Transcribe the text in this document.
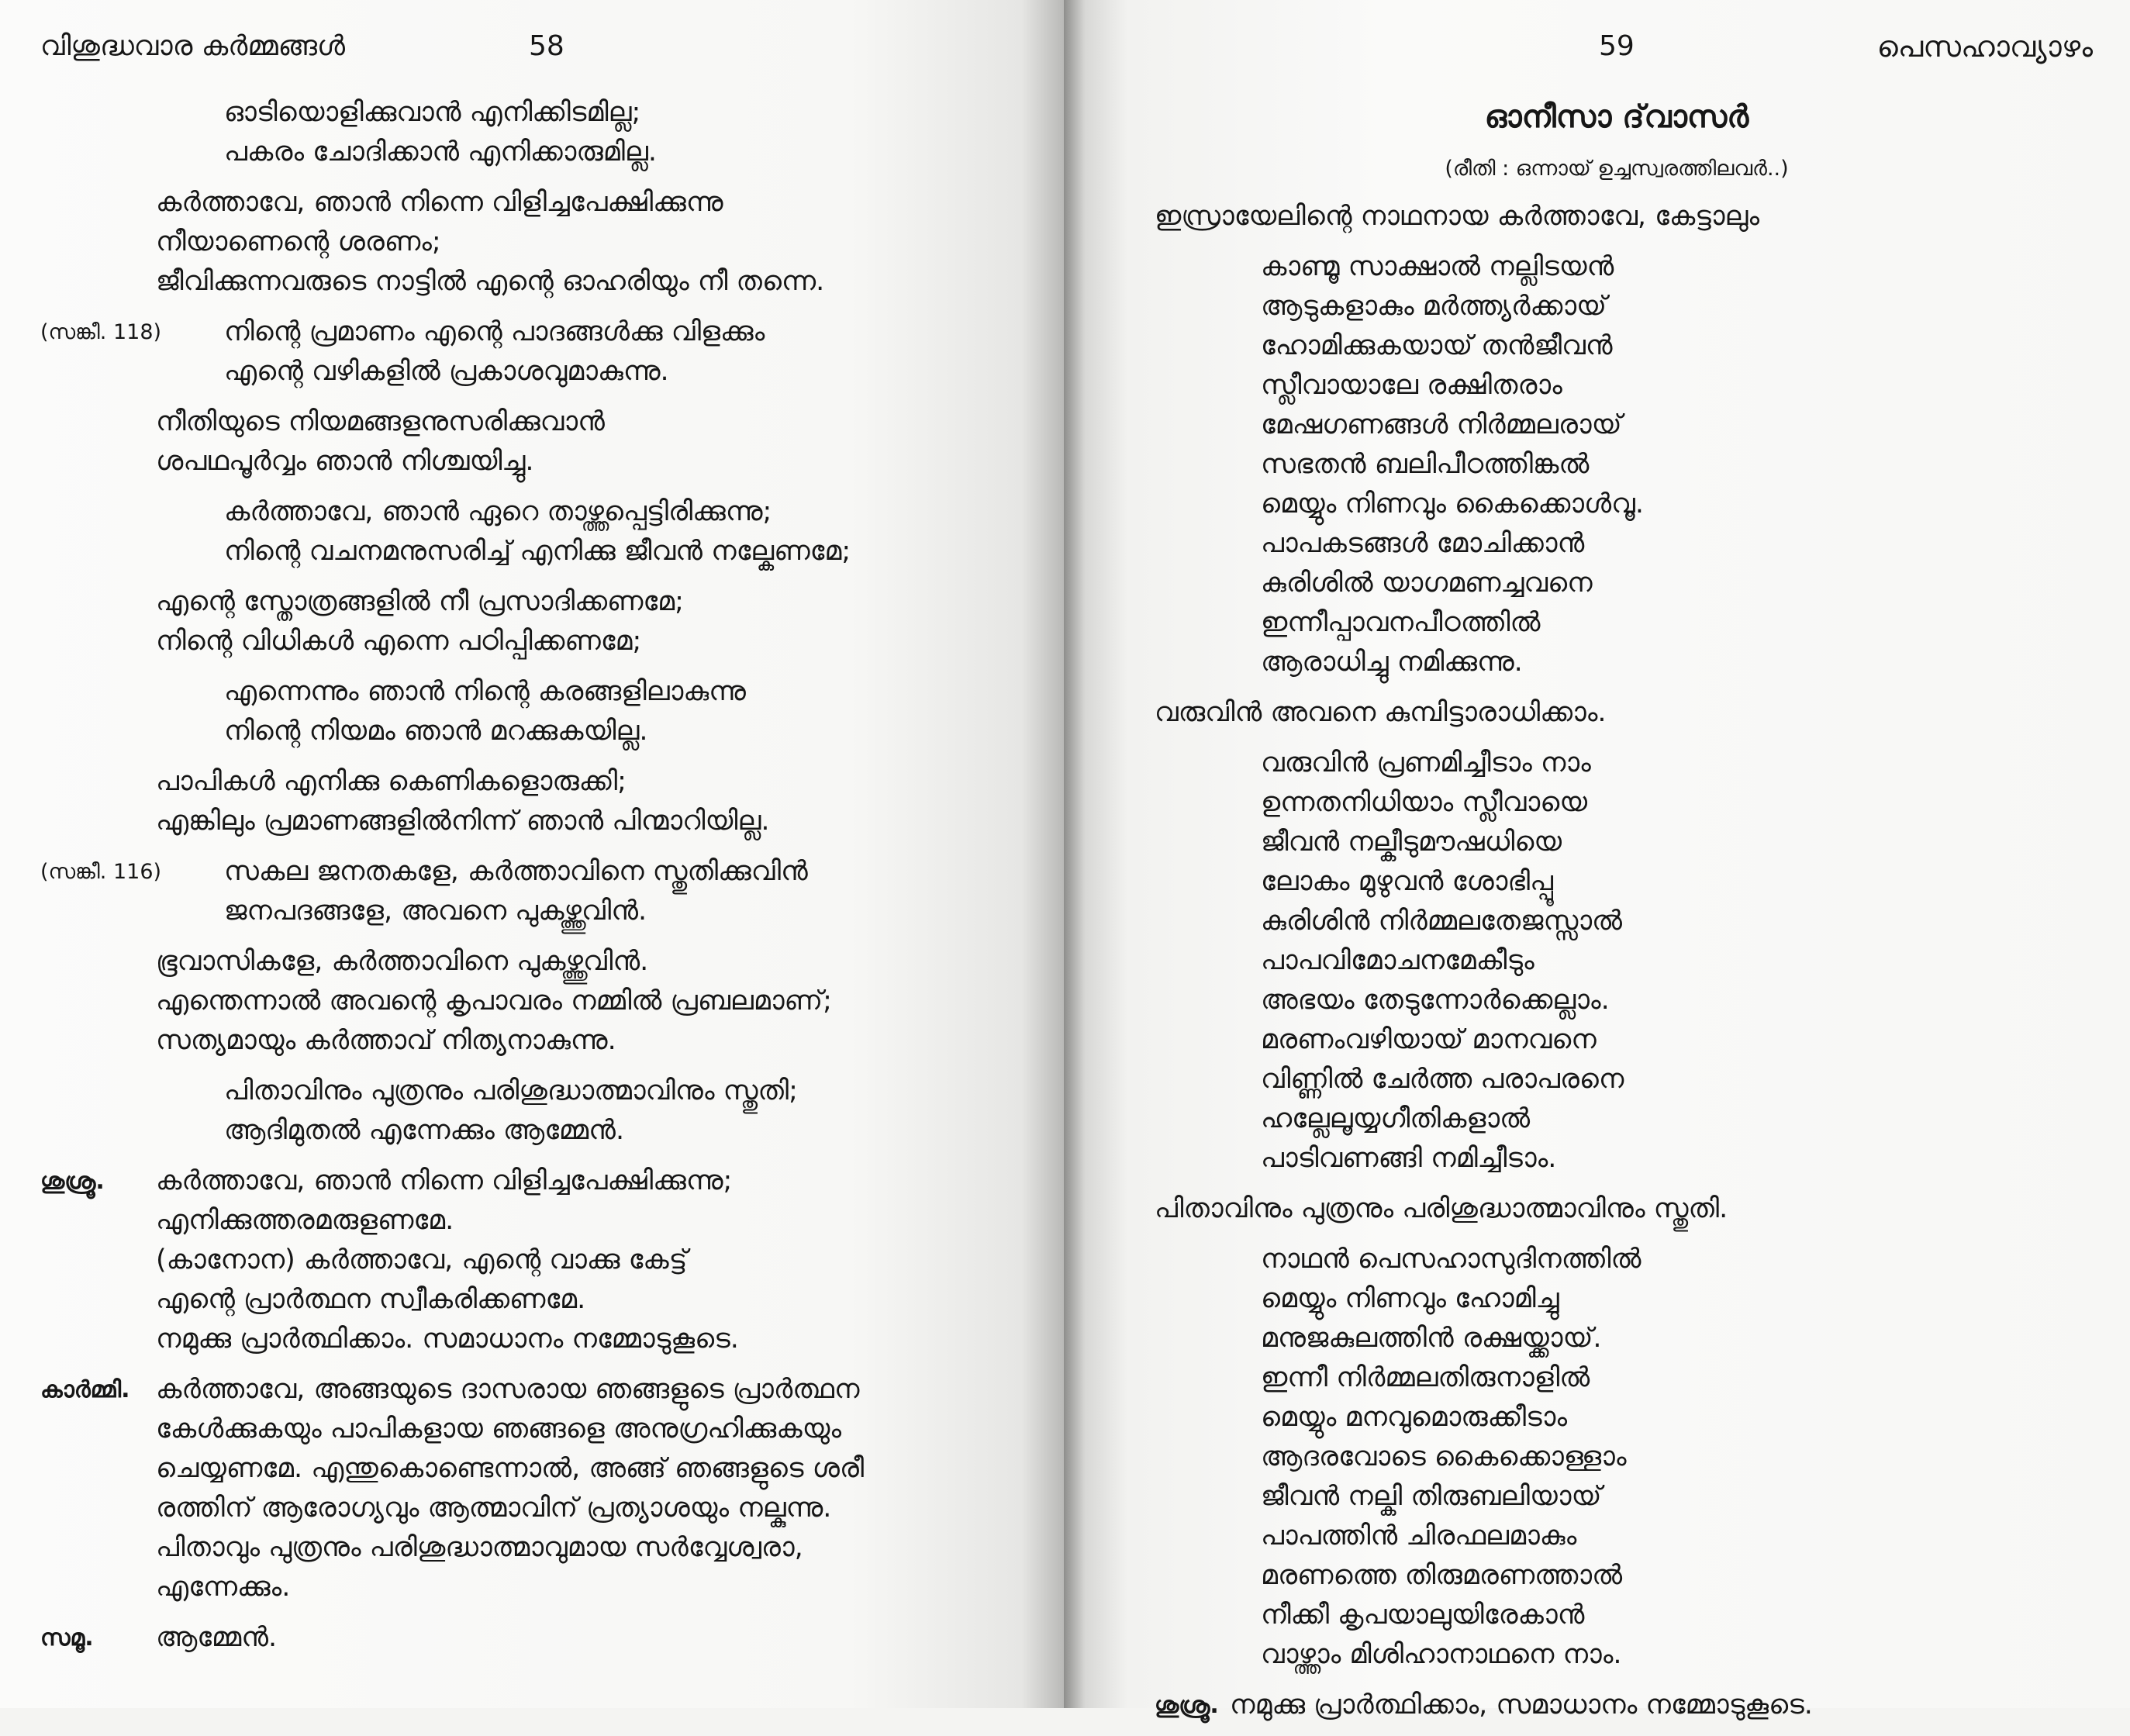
വിശുദ്ധവാര കർമ്മങ്ങൾ	58
ഓടിയൊളിക്കുവാൻ എനിക്കിടമില്ല;
പകരം ചോദിക്കാൻ എനിക്കാരുമില്ല.
കർത്താവേ, ഞാൻ നിന്നെ വിളിച്ചപേക്ഷിക്കുന്നു
നീയാണെന്റെ ശരണം;
ജീവിക്കുന്നവരുടെ നാട്ടിൽ എന്റെ ഓഹരിയും നീ തന്നെ.
(സങ്കീ. 118)	നിന്റെ പ്രമാണം എന്റെ പാദങ്ങൾക്കു വിളക്കും
എന്റെ വഴികളിൽ പ്രകാശവുമാകുന്നു.
നീതിയുടെ നിയമങ്ങളനുസരിക്കുവാൻ
ശപഥപൂർവ്വം ഞാൻ നിശ്ചയിച്ചു.
കർത്താവേ, ഞാൻ ഏറെ താഴ്ത്തപ്പെട്ടിരിക്കുന്നു;
നിന്റെ വചനമനുസരിച്ച് എനിക്കു ജീവൻ നല്കേണമേ;
എന്റെ സ്തോത്രങ്ങളിൽ നീ പ്രസാദിക്കണമേ;
നിന്റെ വിധികൾ എന്നെ പഠിപ്പിക്കണമേ;
എന്നെന്നും ഞാൻ നിന്റെ കരങ്ങളിലാകുന്നു
നിന്റെ നിയമം ഞാൻ മറക്കുകയില്ല.
പാപികൾ എനിക്കു കെണികളൊരുക്കി;
എങ്കിലും പ്രമാണങ്ങളിൽനിന്ന് ഞാൻ പിന്മാറിയില്ല.
(സങ്കീ. 116)	സകല ജനതകളേ, കർത്താവിനെ സ്തുതിക്കുവിൻ
ജനപദങ്ങളേ, അവനെ പുകഴ്ത്തുവിൻ.
ഭൂവാസികളേ, കർത്താവിനെ പുകഴ്ത്തുവിൻ.
എന്തെന്നാൽ അവന്റെ കൃപാവരം നമ്മിൽ പ്രബലമാണ്;
സത്യമായും കർത്താവ് നിത്യനാകുന്നു.
പിതാവിനും പുത്രനും പരിശുദ്ധാത്മാവിനും സ്തുതി;
ആദിമുതൽ എന്നേക്കും ആമ്മേൻ.
ശുശ്രൂ.	കർത്താവേ, ഞാൻ നിന്നെ വിളിച്ചപേക്ഷിക്കുന്നു;
എനിക്കുത്തരമരുളണമേ.
(കാനോന) കർത്താവേ, എന്റെ വാക്കു കേട്ട്
എന്റെ പ്രാർത്ഥന സ്വീകരിക്കണമേ.
നമുക്കു പ്രാർത്ഥിക്കാം. സമാധാനം നമ്മോടുകൂടെ.
കാർമ്മി. കർത്താവേ, അങ്ങയുടെ ദാസരായ ഞങ്ങളുടെ പ്രാർത്ഥന
കേൾക്കുകയും പാപികളായ ഞങ്ങളെ അനുഗ്രഹിക്കുകയും
ചെയ്യണമേ. എന്തുകൊണ്ടെന്നാൽ, അങ്ങ് ഞങ്ങളുടെ ശരീ
രത്തിന് ആരോഗ്യവും ആത്മാവിന് പ്രത്യാശയും നല്കുന്നു.
പിതാവും പുത്രനും പരിശുദ്ധാത്മാവുമായ സർവ്വേശ്വരാ,
എന്നേക്കും.
സമൂ.	ആമ്മേൻ.
59	പെസഹാവ്യാഴം
ഓനീസാ ദ്‌വാസർ
(രീതി : ഒന്നായ് ഉച്ചസ്വരത്തിലവർ..)
ഇസ്രായേലിന്റെ നാഥനായ കർത്താവേ, കേട്ടാലും
കാണ്മൂ സാക്ഷാൽ നല്ലിടയൻ
ആടുകളാകും മർത്ത്യർക്കായ്
ഹോമിക്കുകയായ് തൻജീവൻ
സ്ലീവായാലേ രക്ഷിതരാം
മേഷഗണങ്ങൾ നിർമ്മലരായ്
സഭതൻ ബലിപീഠത്തിങ്കൽ
മെയ്യും നിണവും കൈക്കൊൾവൂ.
പാപകടങ്ങൾ മോചിക്കാൻ
കുരിശിൽ യാഗമണച്ചവനെ
ഇന്നീപ്പാവനപീഠത്തിൽ
ആരാധിച്ചു നമിക്കുന്നു.
വരുവിൻ അവനെ കുമ്പിട്ടാരാധിക്കാം.
വരുവിൻ പ്രണമിച്ചീടാം നാം
ഉന്നതനിധിയാം സ്ലീവായെ
ജീവൻ നല്കീടുമൗഷധിയെ
ലോകം മുഴുവൻ ശോഭിപ്പൂ
കുരിശിൻ നിർമ്മലതേജസ്സാൽ
പാപവിമോചനമേകീടും
അഭയം തേടുന്നോർക്കെല്ലാം.
മരണംവഴിയായ് മാനവനെ
വിണ്ണിൽ ചേർത്ത പരാപരനെ
ഹല്ലേലൂയ്യഗീതികളാൽ
പാടിവണങ്ങി നമിച്ചീടാം.
പിതാവിനും പുത്രനും പരിശുദ്ധാത്മാവിനും സ്തുതി.
നാഥൻ പെസഹാസുദിനത്തിൽ
മെയ്യും നിണവും ഹോമിച്ചു
മനുജകുലത്തിൻ രക്ഷയ്ക്കായ്.
ഇന്നീ നിർമ്മലതിരുനാളിൽ
മെയ്യും മനവുമൊരുക്കീടാം
ആദരവോടെ കൈക്കൊള്ളാം
ജീവൻ നല്കി തിരുബലിയായ്
പാപത്തിൻ ചിരഫലമാകും
മരണത്തെ തിരുമരണത്താൽ
നീക്കീ കൃപയാലുയിരേകാൻ
വാഴ്ത്താം മിശിഹാനാഥനെ നാം.
ശുശ്രൂ. നമുക്കു പ്രാർത്ഥിക്കാം, സമാധാനം നമ്മോടുകൂടെ.
